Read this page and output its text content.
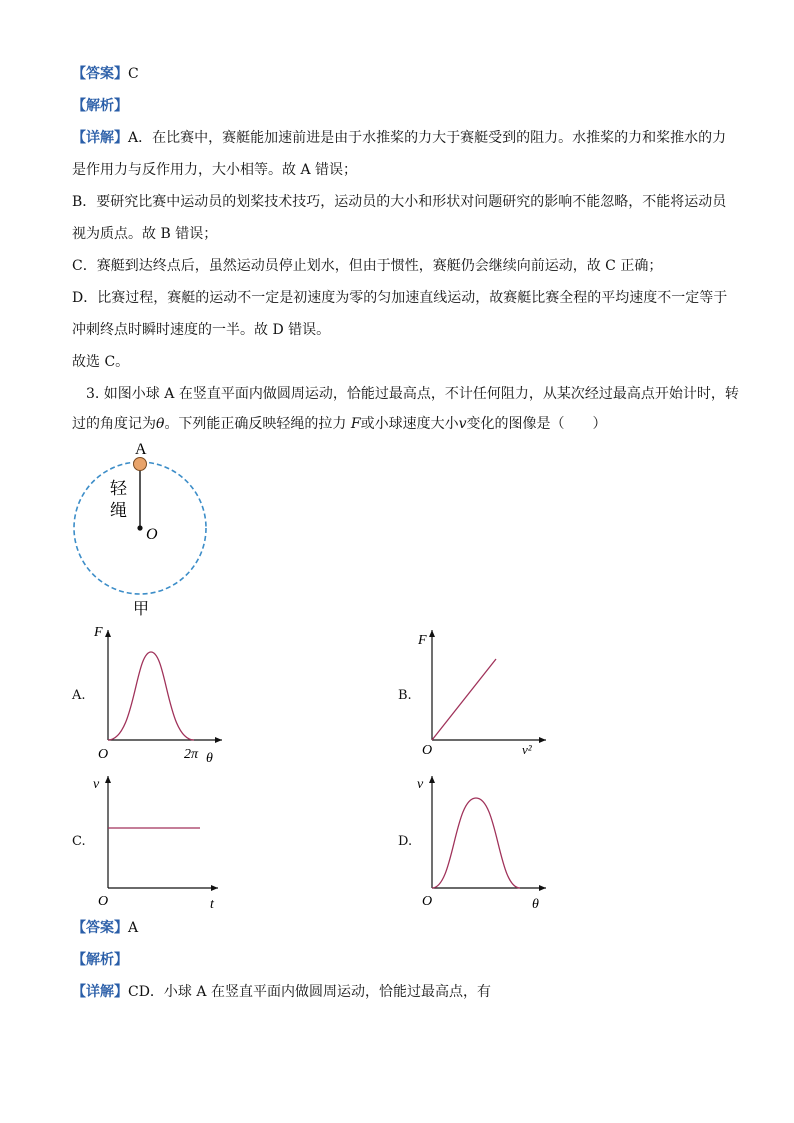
【答案】C
【解析】
【详解】A．在比赛中，赛艇能加速前进是由于水推桨的力大于赛艇受到的阻力。水推桨的力和桨推水的力
是作用力与反作用力，大小相等。故 A 错误；
B．要研究比赛中运动员的划桨技术技巧，运动员的大小和形状对问题研究的影响不能忽略，不能将运动员
视为质点。故 B 错误；
C．赛艇到达终点后，虽然运动员停止划水，但由于惯性，赛艇仍会继续向前运动，故 C 正确；
D．比赛过程，赛艇的运动不一定是初速度为零的匀加速直线运动，故赛艇比赛全程的平均速度不一定等于
冲刺终点时瞬时速度的一半。故 D 错误。
故选 C。
3. 如图小球 A 在竖直平面内做圆周运动，恰能过最高点，不计任何阻力，从某次经过最高点开始计时，转
过的角度记为θ。下列能正确反映轻绳的拉力 F或小球速度大小v变化的图像是（　　）
A
轻
绳
O
甲
A.
F
O	2π θ
B.
F
O	v²
C.
v
O	t
D.
v
O	θ
【答案】A
【解析】
【详解】CD．小球 A 在竖直平面内做圆周运动，恰能过最高点，有
